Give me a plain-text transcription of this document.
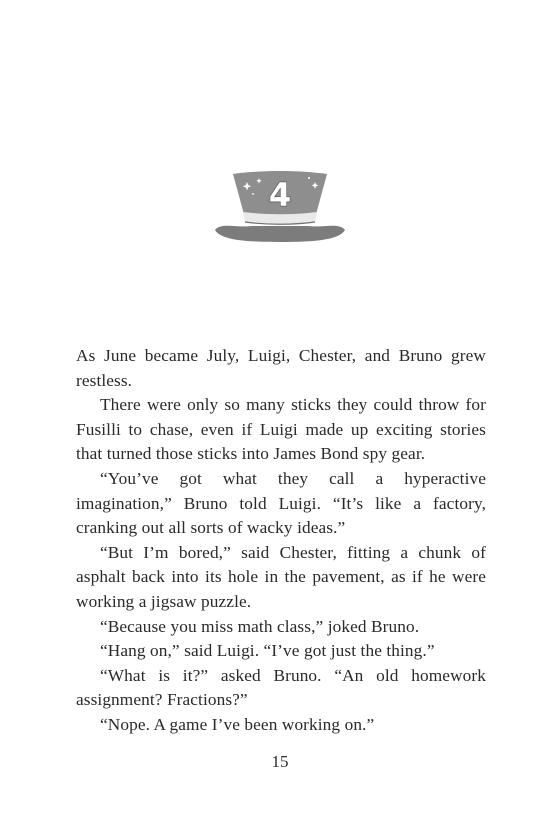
4

As June became July, Luigi, Chester, and Bruno grew restless.

There were only so many sticks they could throw for Fusilli to chase, even if Luigi made up exciting stories that turned those sticks into James Bond spy gear.

“You’ve got what they call a hyperactive imagination,” Bruno told Luigi. “It’s like a factory, cranking out all sorts of wacky ideas.”

“But I’m bored,” said Chester, fitting a chunk of asphalt back into its hole in the pavement, as if he were working a jigsaw puzzle.

“Because you miss math class,” joked Bruno.

“Hang on,” said Luigi. “I’ve got just the thing.”

“What is it?” asked Bruno. “An old homework assignment? Fractions?”

“Nope. A game I’ve been working on.”

15
